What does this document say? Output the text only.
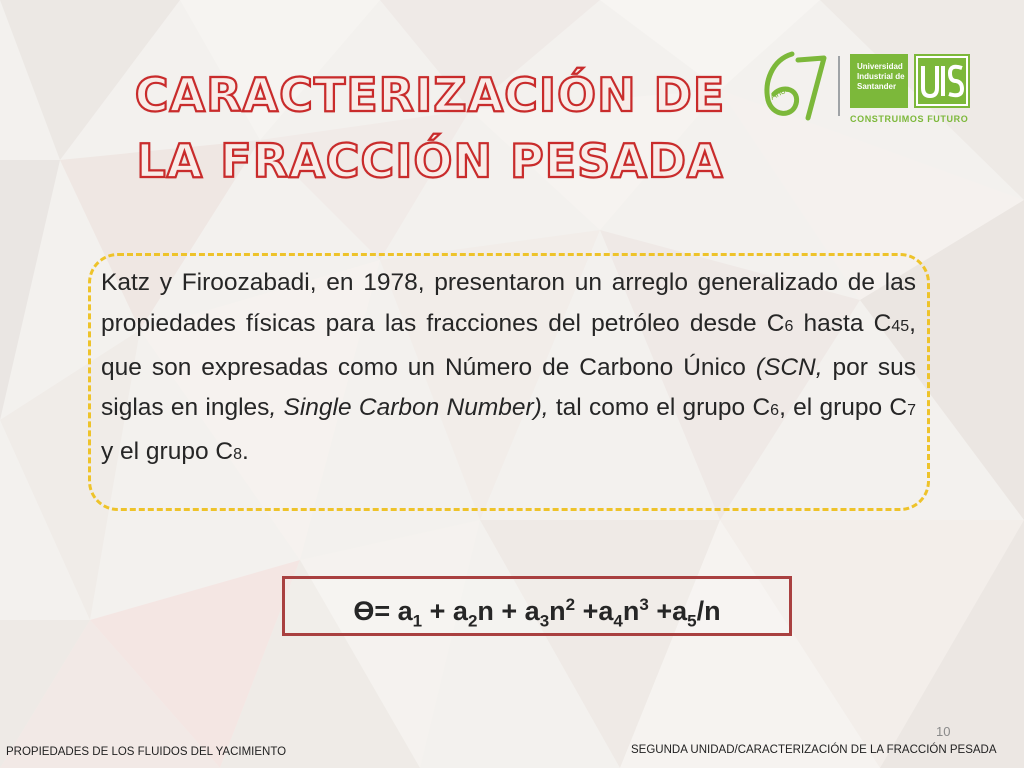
CARACTERIZACIÓN DE
LA FRACCIÓN PESADA
Años
Universidad
Industrial de
Santander
UIS
CONSTRUIMOS FUTURO
Katz y Firoozabadi, en 1978, presentaron un arreglo generalizado de las propiedades físicas para las fracciones del petróleo desde C6 hasta C45, que son expresadas como un Número de Carbono Único (SCN, por sus siglas en ingles, Single Carbon Number), tal como el grupo C6, el grupo C7 y el grupo C8.
$ϴ= a_1 + a_2n + a_3n^2 +a_4n^3 +a_5/n$
10
PROPIEDADES DE LOS FLUIDOS DEL YACIMIENTO	SEGUNDA UNIDAD/CARACTERIZACIÓN DE LA FRACCIÓN PESADA
